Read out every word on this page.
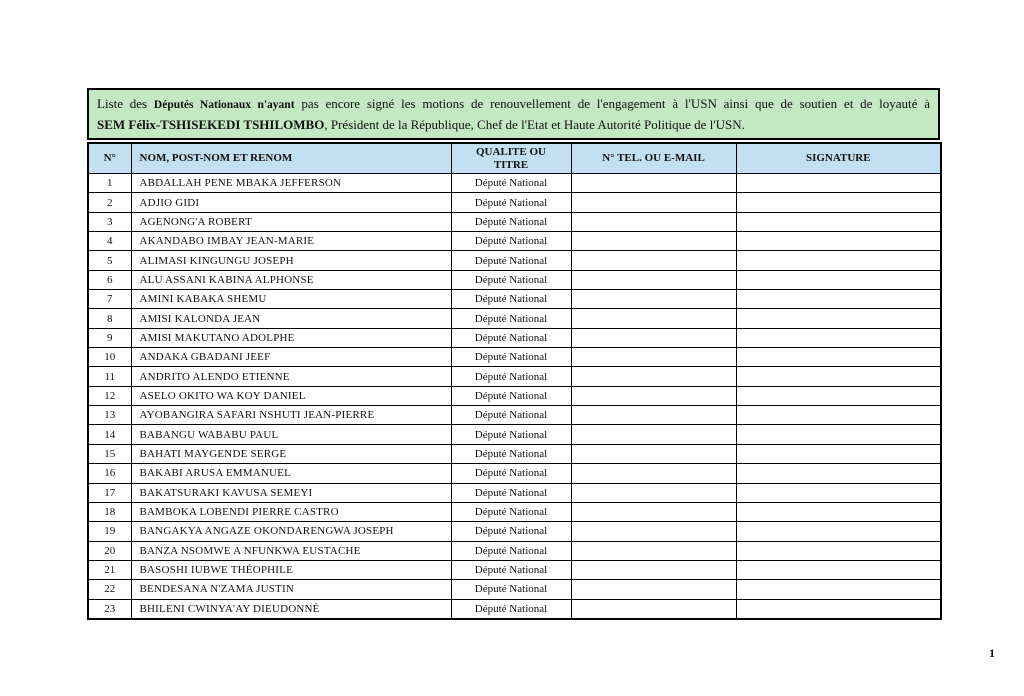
Liste des Députés Nationaux n'ayant pas encore signé les motions de renouvellement de l'engagement à l'USN ainsi que de soutien et de loyauté à
SEM Félix-TSHISEKEDI TSHILOMBO, Président de la République, Chef de l'Etat et Haute Autorité Politique de l'USN.
N°	NOM, POST-NOM ET RENOM	QUALITE OU TITRE	N° TEL. OU E-MAIL	SIGNATURE
1	ABDALLAH PENE MBAKA JEFFERSON	Député National		
2	ADJIO GIDI	Député National		
3	AGENONG'A ROBERT	Député National		
4	AKANDABO IMBAY JEAN-MARIE	Député National		
5	ALIMASI KINGUNGU JOSEPH	Député National		
6	ALU ASSANI KABINA ALPHONSE	Député National		
7	AMINI KABAKA SHEMU	Député National		
8	AMISI KALONDA JEAN	Député National		
9	AMISI MAKUTANO ADOLPHE	Député National		
10	ANDAKA GBADANI JEEF	Député National		
11	ANDRITO ALENDO ETIENNE	Député National		
12	ASELO OKITO WA KOY DANIEL	Député National		
13	AYOBANGIRA SAFARI NSHUTI JEAN-PIERRE	Député National		
14	BABANGU WABABU PAUL	Député National		
15	BAHATI MAYGENDE SERGE	Député National		
16	BAKABI ARUSA EMMANUEL	Député National		
17	BAKATSURAKI KAVUSA SEMEYI	Député National		
18	BAMBOKA LOBENDI PIERRE CASTRO	Député National		
19	BANGAKYA ANGAZE OKONDARENGWA JOSEPH	Député National		
20	BANZA NSOMWE A NFUNKWA EUSTACHE	Député National		
21	BASOSHI IUBWE THÉOPHILE	Député National		
22	BENDESANA N'ZAMA JUSTIN	Député National		
23	BHILENI CWINYA'AY DIEUDONNÉ	Député National		
1
